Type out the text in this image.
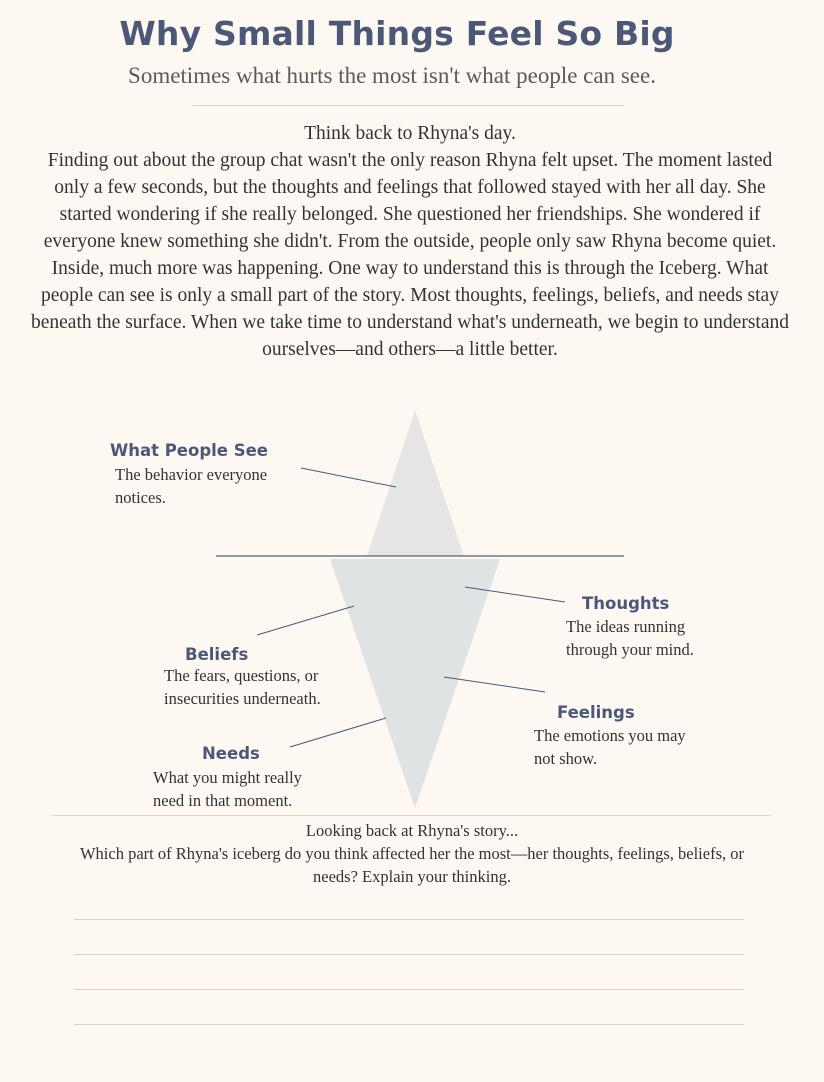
Why Small Things Feel So Big
Sometimes what hurts the most isn't what people can see.
Think back to Rhyna's day.
Finding out about the group chat wasn't the only reason Rhyna felt upset. The moment lasted only a few seconds, but the thoughts and feelings that followed stayed with her all day. She started wondering if she really belonged. She questioned her friendships. She wondered if everyone knew something she didn't. From the outside, people only saw Rhyna become quiet. Inside, much more was happening. One way to understand this is through the Iceberg. What people can see is only a small part of the story. Most thoughts, feelings, beliefs, and needs stay beneath the surface. When we take time to understand what's underneath, we begin to understand ourselves—and others—a little better.
What People See
The behavior everyone notices.
Thoughts
The ideas running through your mind.
Beliefs
The fears, questions, or insecurities underneath.
Feelings
The emotions you may not show.
Needs
What you might really need in that moment.
Looking back at Rhyna's story...
Which part of Rhyna's iceberg do you think affected her the most—her thoughts, feelings, beliefs, or needs? Explain your thinking.
